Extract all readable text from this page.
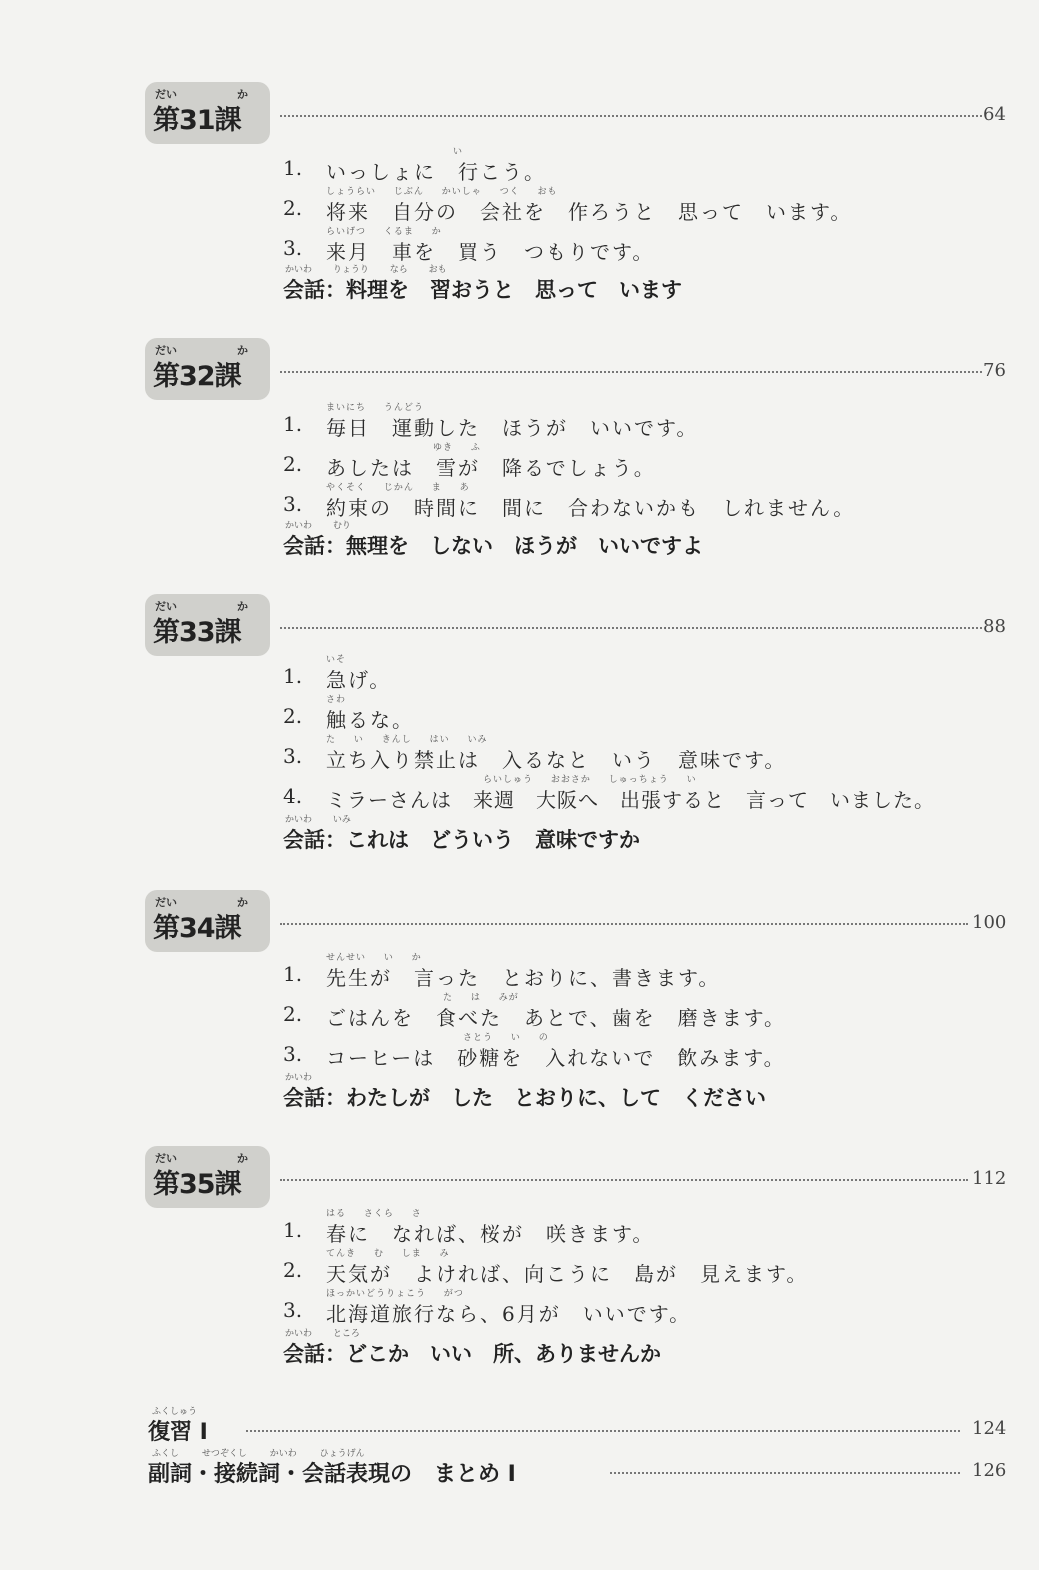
だい	か
第31課	64
い
1. いっしょに　行こう。
しょうらい じぶん かいしゃ つく おも
2. 将来　自分の　会社を　作ろうと　思って　います。
らいげつ くるま か
3. 来月　車を　買う　つもりです。
かいわ りょうり なら おも
会話：料理を　習おうと　思って　います
だい	か
第32課	76
まいにち うんどう
1. 毎日　運動した　ほうが　いいです。
ゆき ふ
2. あしたは　雪が　降るでしょう。
やくそく じかん ま あ
3. 約束の　時間に　間に　合わないかも　しれません。
かいわ むり
会話：無理を　しない　ほうが　いいですよ
だい	か
第33課	88
いそ
1. 急げ。
さわ
2. 触るな。
た い きんし はい いみ
3. 立ち入り禁止は　入るなと　いう　意味です。
らいしゅう おおさか しゅっちょう い
4. ミラーさんは　来週　大阪へ　出張すると　言って　いました。
かいわ いみ
会話：これは　どういう　意味ですか
だい	か
第34課	100
せんせい い か
1. 先生が　言った　とおりに、書きます。
た は みが
2. ごはんを　食べた　あとで、歯を　磨きます。
さとう い の
3. コーヒーは　砂糖を　入れないで　飲みます。
かいわ
会話：わたしが　した　とおりに、して　ください
だい	か
第35課	112
はる さくら さ
1. 春に　なれば、桜が　咲きます。
てんき む しま み
2. 天気が　よければ、向こうに　島が　見えます。
ほっかいどうりょこう がつ
3. 北海道旅行なら、6月が　いいです。
かいわ ところ
会話：どこか　いい　所、ありませんか
ふくしゅう
復習 Ⅰ	124
ふくし せつぞくし かいわ ひょうげん
副詞・接続詞・会話表現の　まとめ Ⅰ	126
